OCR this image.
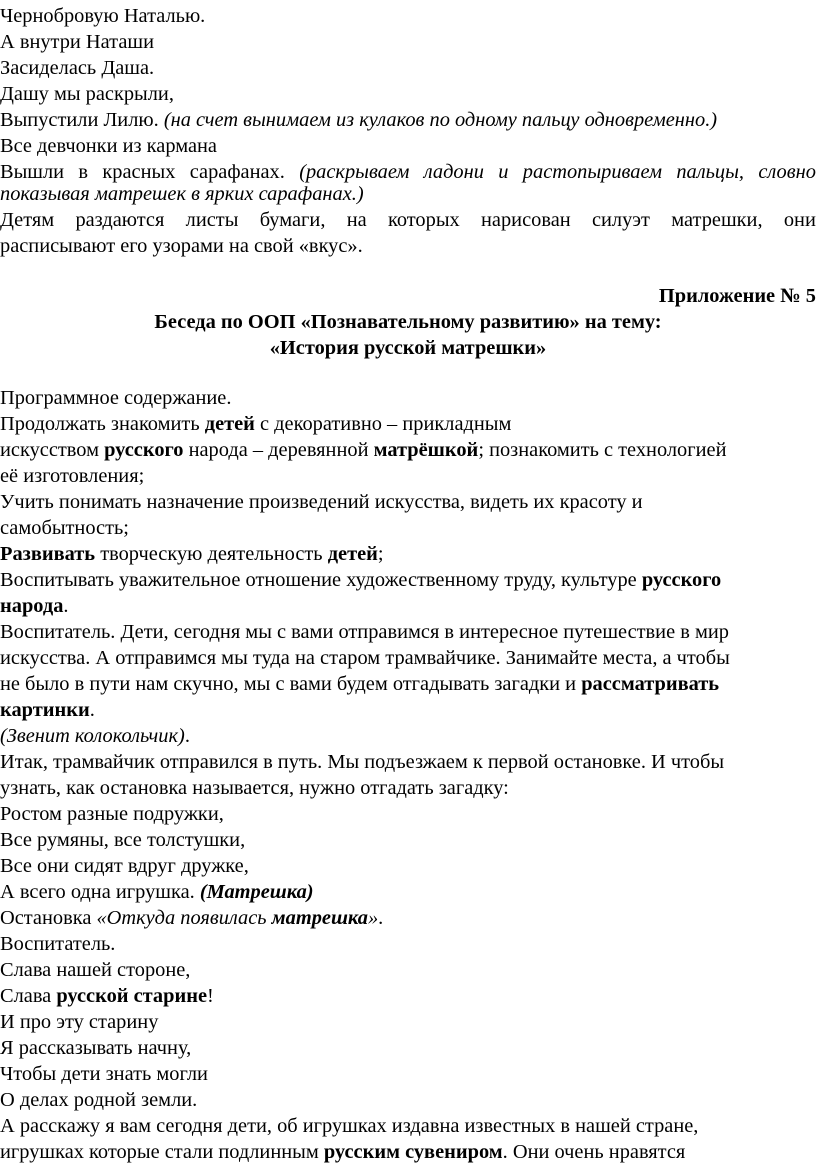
Чернобровую Наталью.
А внутри Наташи
Засиделась Даша.
Дашу мы раскрыли,
Выпустили Лилю. (на счет вынимаем из кулаков по одному пальцу одновременно.)
Все девчонки из кармана
Вышли в красных сарафанах. (раскрываем ладони и растопыриваем пальцы, словно
показывая матрешек в ярких сарафанах.)
Детям раздаются листы бумаги, на которых нарисован силуэт матрешки, они
расписывают его узорами на свой «вкус».
Приложение № 5
Беседа по ООП «Познавательному развитию» на тему:
«История русской матрешки»
Программное содержание.
Продолжать знакомить детей с декоративно – прикладным
искусством русского народа – деревянной матрёшкой; познакомить с технологией
её изготовления;
Учить понимать назначение произведений искусства, видеть их красоту и
самобытность;
Развивать творческую деятельность детей;
Воспитывать уважительное отношение художественному труду, культуре русского
народа.
Воспитатель. Дети, сегодня мы с вами отправимся в интересное путешествие в мир
искусства. А отправимся мы туда на старом трамвайчике. Занимайте места, а чтобы
не было в пути нам скучно, мы с вами будем отгадывать загадки и рассматривать
картинки.
(Звенит колокольчик).
Итак, трамвайчик отправился в путь. Мы подъезжаем к первой остановке. И чтобы
узнать, как остановка называется, нужно отгадать загадку:
Ростом разные подружки,
Все румяны, все толстушки,
Все они сидят вдруг дружке,
А всего одна игрушка. (Матрешка)
Остановка «Откуда появилась матрешка».
Воспитатель.
Слава нашей стороне,
Слава русской старине!
И про эту старину
Я рассказывать начну,
Чтобы дети знать могли
О делах родной земли.
А расскажу я вам сегодня дети, об игрушках издавна известных в нашей стране,
игрушках которые стали подлинным русским сувениром. Они очень нравятся
